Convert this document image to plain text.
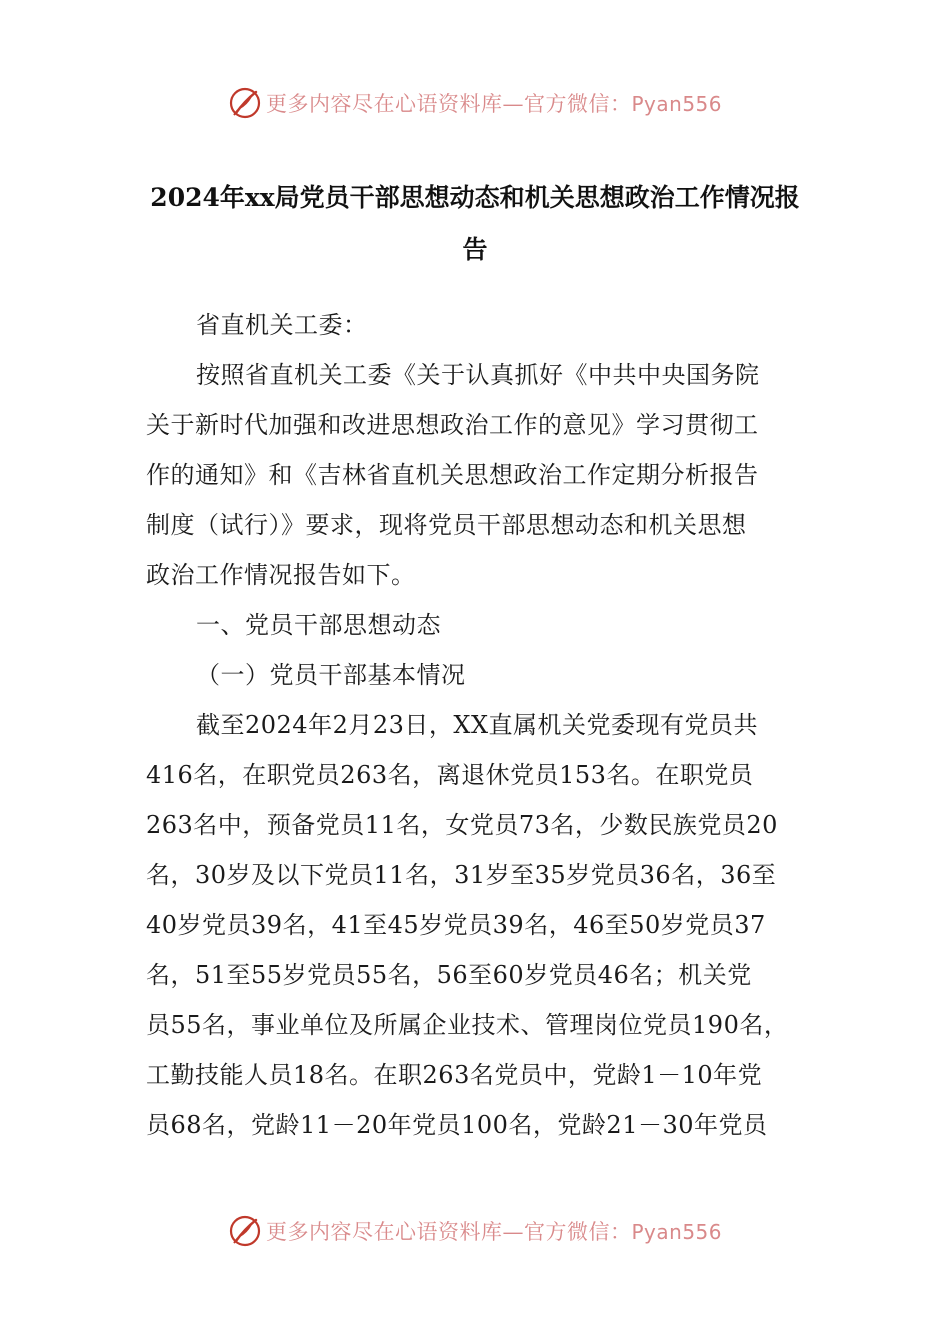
更多内容尽在心语资料库—官方微信：Pyan556
2024年xx局党员干部思想动态和机关思想政治工作情况报
告
省直机关工委：
按照省直机关工委《关于认真抓好《中共中央国务院
关于新时代加强和改进思想政治工作的意见》学习贯彻工
作的通知》和《吉林省直机关思想政治工作定期分析报告
制度（试行）》要求，现将党员干部思想动态和机关思想
政治工作情况报告如下。
一、党员干部思想动态
（一）党员干部基本情况
截至2024年2月23日，XX直属机关党委现有党员共
416名，在职党员263名，离退休党员153名。在职党员
263名中，预备党员11名，女党员73名，少数民族党员20
名，30岁及以下党员11名，31岁至35岁党员36名，36至
40岁党员39名，41至45岁党员39名，46至50岁党员37
名，51至55岁党员55名，56至60岁党员46名；机关党
员55名，事业单位及所属企业技术、管理岗位党员190名，
工勤技能人员18名。在职263名党员中，党龄1－10年党
员68名，党龄11－20年党员100名，党龄21－30年党员
更多内容尽在心语资料库—官方微信：Pyan556
